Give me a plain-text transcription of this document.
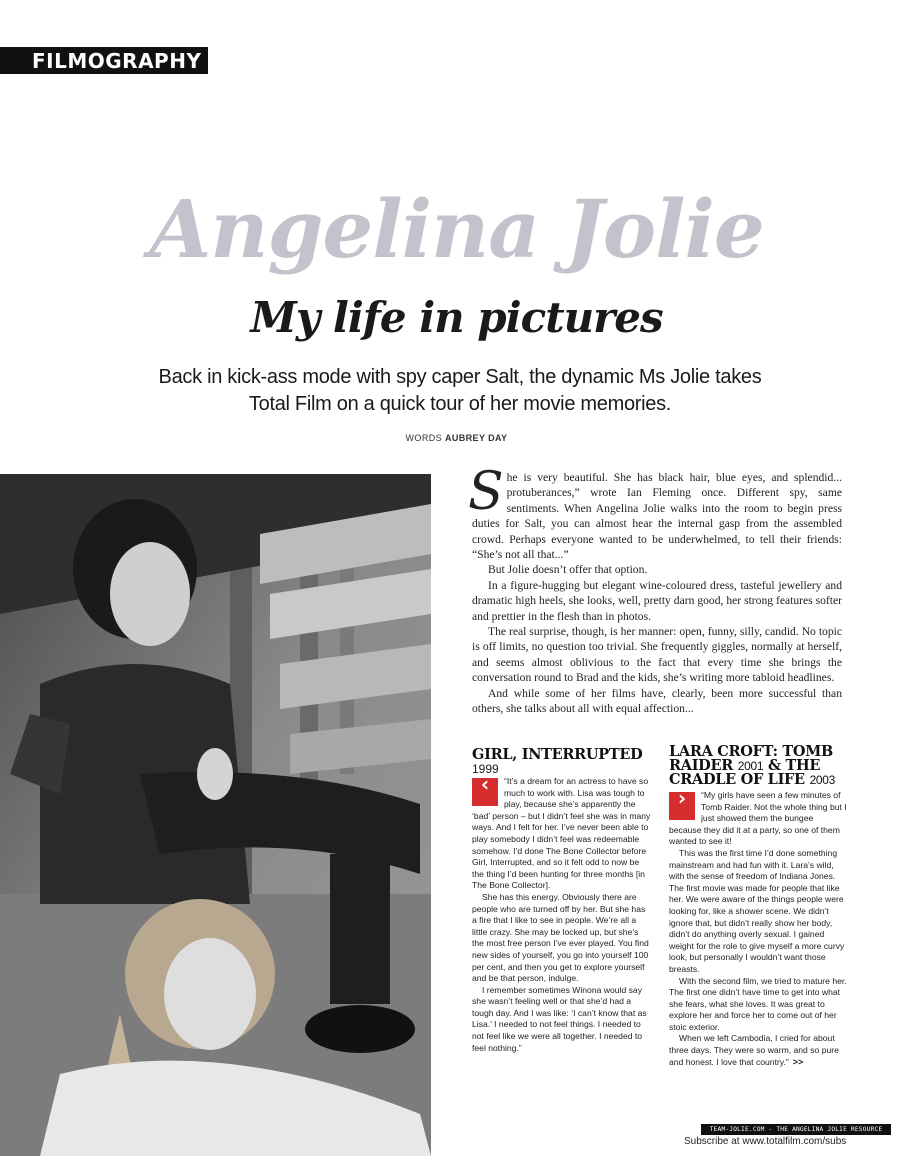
FILMOGRAPHY
Angelina Jolie
My life in pictures
Back in kick-ass mode with spy caper Salt, the dynamic Ms Jolie takes
Total Film on a quick tour of her movie memories.
WORDS AUBREY DAY

She is very beautiful. She has black hair, blue eyes, and splendid... protuberances,” wrote Ian Fleming once. Different spy, same sentiments. When Angelina Jolie walks into the room to begin press duties for Salt, you can almost hear the internal gasp from the assembled crowd. Perhaps everyone wanted to be underwhelmed, to tell their friends: “She’s not all that...”

But Jolie doesn’t offer that option.

In a figure-hugging but elegant wine-coloured dress, tasteful jewellery and dramatic high heels, she looks, well, pretty darn good, her strong features softer and prettier in the flesh than in photos.

The real surprise, though, is her manner: open, funny, silly, candid. No topic is off limits, no question too trivial. She frequently giggles, normally at herself, and seems almost oblivious to the fact that every time she brings the conversation round to Brad and the kids, she’s writing more tabloid headlines.

And while some of her films have, clearly, been more successful than others, she talks about all with equal affection...

GIRL, INTERRUPTED
1999
‹	“It’s a dream for an actress to have so much to work with. Lisa was tough to play, because she’s apparently the ‘bad’ person – but I didn’t feel she was in many ways. And I felt for her. I’ve never been able to play somebody I didn’t feel was redeemable somehow. I’d done The Bone Collector before Girl, Interrupted, and so it felt odd to now be the thing I’d been hunting for three months [in The Bone Collector].

She has this energy. Obviously there are people who are turned off by her. But she has a fire that I like to see in people. We’re all a little crazy. She may be locked up, but she’s the most free person I’ve ever played. You find new sides of yourself, you go into yourself 100 per cent, and then you get to explore yourself and be that person, indulge.

I remember sometimes Winona would say she wasn’t feeling well or that she’d had a tough day. And I was like: ‘I can’t know that as Lisa.’ I needed to not feel things. I needed to not feel like we were all together. I needed to feel nothing.”

LARA CROFT: TOMB
RAIDER 2001 & THE
CRADLE OF LIFE 2003
›	“My girls have seen a few minutes of Tomb Raider. Not the whole thing but I just showed them the bungee because they did it at a party, so one of them wanted to see it!

This was the first time I’d done something mainstream and had fun with it. Lara’s wild, with the sense of freedom of Indiana Jones. The first movie was made for people that like her. We were aware of the things people were looking for, like a shower scene. We didn’t ignore that, but didn’t really show her body, didn’t do anything overly sexual. I gained weight for the role to give myself a more curvy look, but personally I wouldn’t want those breasts.

With the second film, we tried to mature her. The first one didn’t have time to get into what she fears, what she loves. It was great to explore her and force her to come out of her stoic exterior.

When we left Cambodia, I cried for about three days. They were so warm, and so pure and honest. I love that country.” >>

TEAM-JOLIE.COM - THE ANGELINA JOLIE RESOURCE
Subscribe at www.totalfilm.com/subs
